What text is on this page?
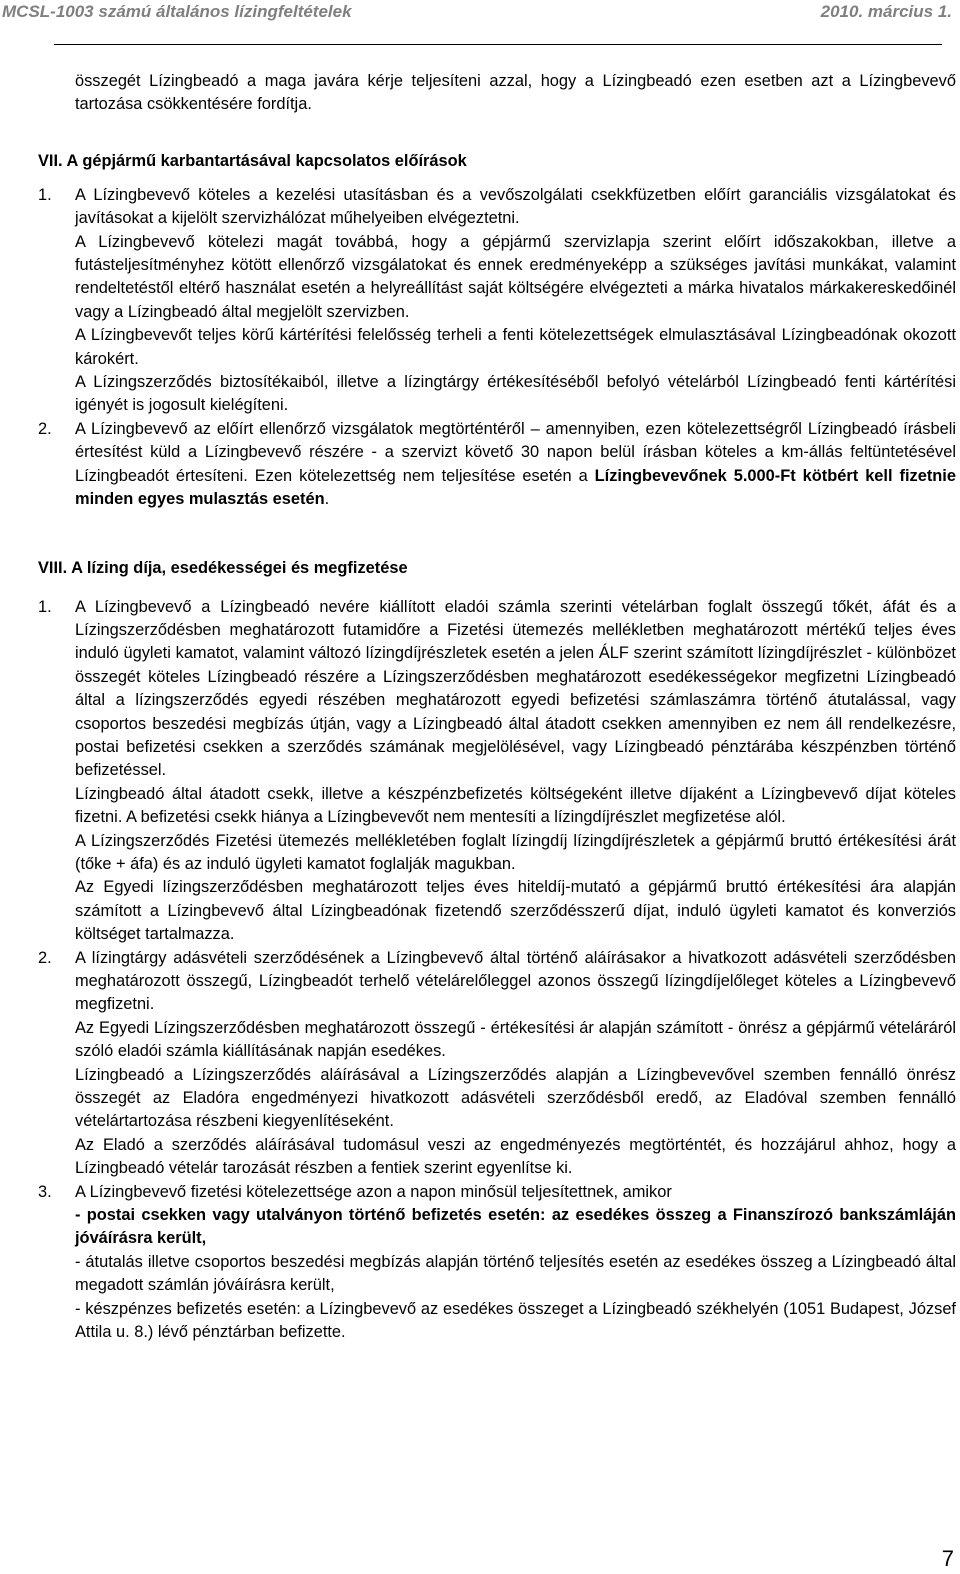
MCSL-1003 számú általános lízingfeltételek	2010. március 1.

összegét Lízingbeadó a maga javára kérje teljesíteni azzal, hogy a Lízingbeadó ezen esetben azt a Lízingbevevő tartozása csökkentésére fordítja.

VII. A gépjármű karbantartásával kapcsolatos előírások

1. A Lízingbevevő köteles a kezelési utasításban és a vevőszolgálati csekkfüzetben előírt garanciális vizsgálatokat és javításokat a kijelölt szervizhálózat műhelyeiben elvégeztetni.

A Lízingbevevő kötelezi magát továbbá, hogy a gépjármű szervizlapja szerint előírt időszakokban, illetve a futásteljesítményhez kötött ellenőrző vizsgálatokat és ennek eredményeképp a szükséges javítási munkákat, valamint rendeltetéstől eltérő használat esetén a helyreállítást saját költségére elvégezteti a márka hivatalos márkakereskedőinél vagy a Lízingbeadó által megjelölt szervizben.

A Lízingbevevőt teljes körű kártérítési felelősség terheli a fenti kötelezettségek elmulasztásával Lízingbeadónak okozott károkért.

A Lízingszerződés biztosítékaiból, illetve a lízingtárgy értékesítéséből befolyó vételárból Lízingbeadó fenti kártérítési igényét is jogosult kielégíteni.

2. A Lízingbevevő az előírt ellenőrző vizsgálatok megtörténtéről – amennyiben, ezen kötelezettségről Lízingbeadó írásbeli értesítést küld a Lízingbevevő részére - a szervizt követő 30 napon belül írásban köteles a km-állás feltüntetésével Lízingbeadót értesíteni. Ezen kötelezettség nem teljesítése esetén a Lízingbevevőnek 5.000-Ft kötbért kell fizetnie minden egyes mulasztás esetén.

VIII. A lízing díja, esedékességei és megfizetése

1. A Lízingbevevő a Lízingbeadó nevére kiállított eladói számla szerinti vételárban foglalt összegű tőkét, áfát és a Lízingszerződésben meghatározott futamidőre a Fizetési ütemezés mellékletben meghatározott mértékű teljes éves induló ügyleti kamatot, valamint változó lízingdíjrészletek esetén a jelen ÁLF szerint számított lízingdíjrészlet - különbözet összegét köteles Lízingbeadó részére a Lízingszerződésben meghatározott esedékességekor megfizetni Lízingbeadó által a lízingszerződés egyedi részében meghatározott egyedi befizetési számlaszámra történő átutalással, vagy csoportos beszedési megbízás útján, vagy a Lízingbeadó által átadott csekken amennyiben ez nem áll rendelkezésre, postai befizetési csekken a szerződés számának megjelölésével, vagy Lízingbeadó pénztárába készpénzben történő befizetéssel.

Lízingbeadó által átadott csekk, illetve a készpénzbefizetés költségeként illetve díjaként a Lízingbevevő díjat köteles fizetni. A befizetési csekk hiánya a Lízingbevevőt nem mentesíti a lízingdíjrészlet megfizetése alól.

A Lízingszerződés Fizetési ütemezés mellékletében foglalt lízingdíj lízingdíjrészletek a gépjármű bruttó értékesítési árát (tőke + áfa) és az induló ügyleti kamatot foglalják magukban.

Az Egyedi lízingszerződésben meghatározott teljes éves hiteldíj-mutató a gépjármű bruttó értékesítési ára alapján számított a Lízingbevevő által Lízingbeadónak fizetendő szerződésszerű díjat, induló ügyleti kamatot és konverziós költséget tartalmazza.

2. A lízingtárgy adásvételi szerződésének a Lízingbevevő által történő aláírásakor a hivatkozott adásvételi szerződésben meghatározott összegű, Lízingbeadót terhelő vételárelőleggel azonos összegű lízingdíjelőleget köteles a Lízingbevevő megfizetni.

Az Egyedi Lízingszerződésben meghatározott összegű - értékesítési ár alapján számított - önrész a gépjármű vételáráról szóló eladói számla kiállításának napján esedékes.

Lízingbeadó a Lízingszerződés aláírásával a Lízingszerződés alapján a Lízingbevevővel szemben fennálló önrész összegét az Eladóra engedményezi hivatkozott adásvételi szerződésből eredő, az Eladóval szemben fennálló vételártartozása részbeni kiegyenlítéseként.

Az Eladó a szerződés aláírásával tudomásul veszi az engedményezés megtörténtét, és hozzájárul ahhoz, hogy a Lízingbeadó vételár tarozását részben a fentiek szerint egyenlítse ki.

3. A Lízingbevevő fizetési kötelezettsége azon a napon minősül teljesítettnek, amikor

- postai csekken vagy utalványon történő befizetés esetén: az esedékes összeg a Finanszírozó bankszámláján jóváírásra került,

- átutalás illetve csoportos beszedési megbízás alapján történő teljesítés esetén az esedékes összeg a Lízingbeadó által megadott számlán jóváírásra került,

- készpénzes befizetés esetén: a Lízingbevevő az esedékes összeget a Lízingbeadó székhelyén (1051 Budapest, József Attila u. 8.) lévő pénztárban befizette.

7
